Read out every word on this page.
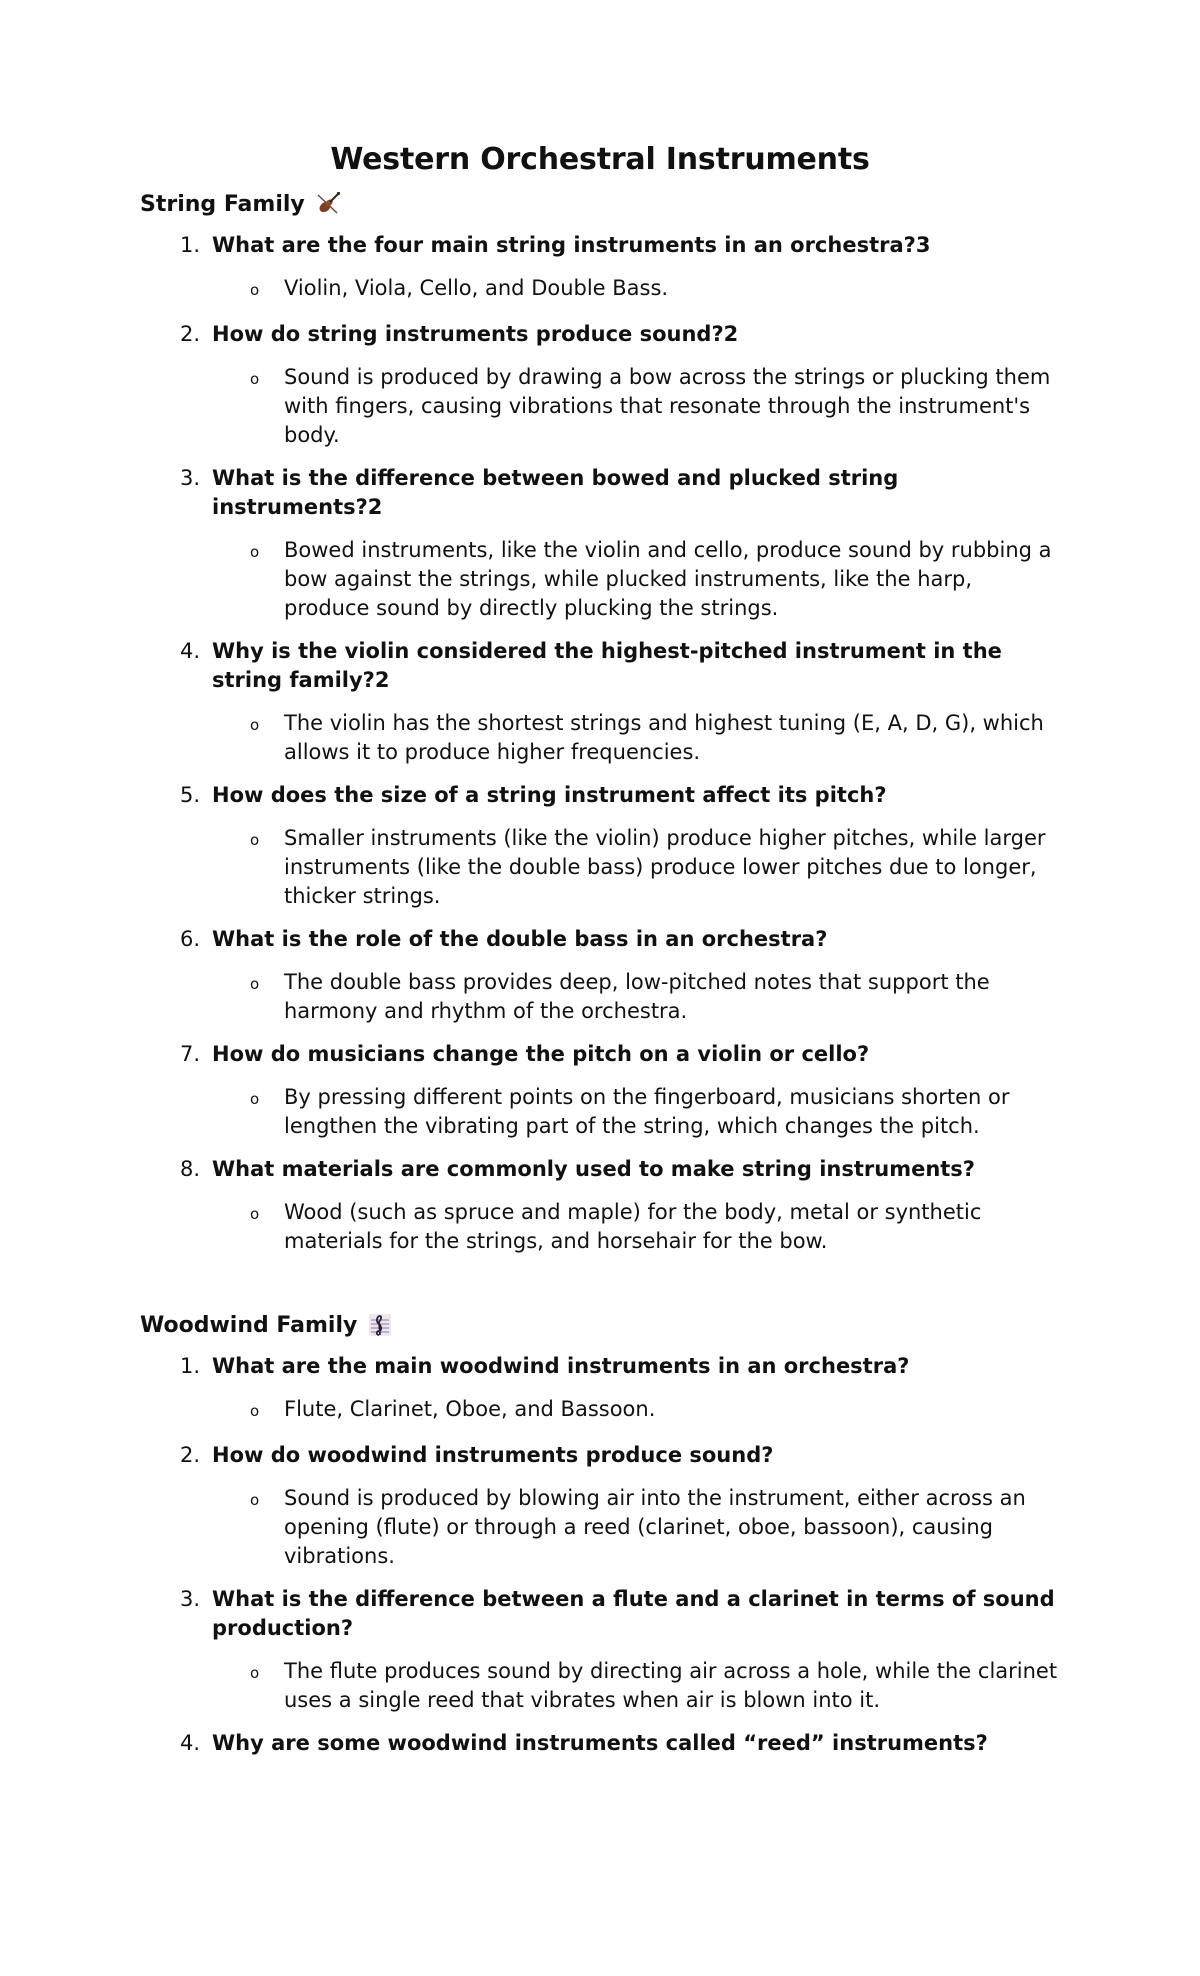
Western Orchestral Instruments
String Family
1. What are the four main string instruments in an orchestra?3
o	Violin, Viola, Cello, and Double Bass.
2. How do string instruments produce sound?2
o	Sound is produced by drawing a bow across the strings or plucking them with fingers, causing vibrations that resonate through the instrument's body.
3. What is the difference between bowed and plucked string instruments?2
o	Bowed instruments, like the violin and cello, produce sound by rubbing a bow against the strings, while plucked instruments, like the harp, produce sound by directly plucking the strings.
4. Why is the violin considered the highest-pitched instrument in the string family?2
o	The violin has the shortest strings and highest tuning (E, A, D, G), which allows it to produce higher frequencies.
5. How does the size of a string instrument affect its pitch?
o	Smaller instruments (like the violin) produce higher pitches, while larger instruments (like the double bass) produce lower pitches due to longer, thicker strings.
6. What is the role of the double bass in an orchestra?
o	The double bass provides deep, low-pitched notes that support the harmony and rhythm of the orchestra.
7. How do musicians change the pitch on a violin or cello?
o	By pressing different points on the fingerboard, musicians shorten or lengthen the vibrating part of the string, which changes the pitch.
8. What materials are commonly used to make string instruments?
o	Wood (such as spruce and maple) for the body, metal or synthetic materials for the strings, and horsehair for the bow.
Woodwind Family
1. What are the main woodwind instruments in an orchestra?
o	Flute, Clarinet, Oboe, and Bassoon.
2. How do woodwind instruments produce sound?
o	Sound is produced by blowing air into the instrument, either across an opening (flute) or through a reed (clarinet, oboe, bassoon), causing vibrations.
3. What is the difference between a flute and a clarinet in terms of sound production?
o	The flute produces sound by directing air across a hole, while the clarinet uses a single reed that vibrates when air is blown into it.
4. Why are some woodwind instruments called “reed” instruments?
